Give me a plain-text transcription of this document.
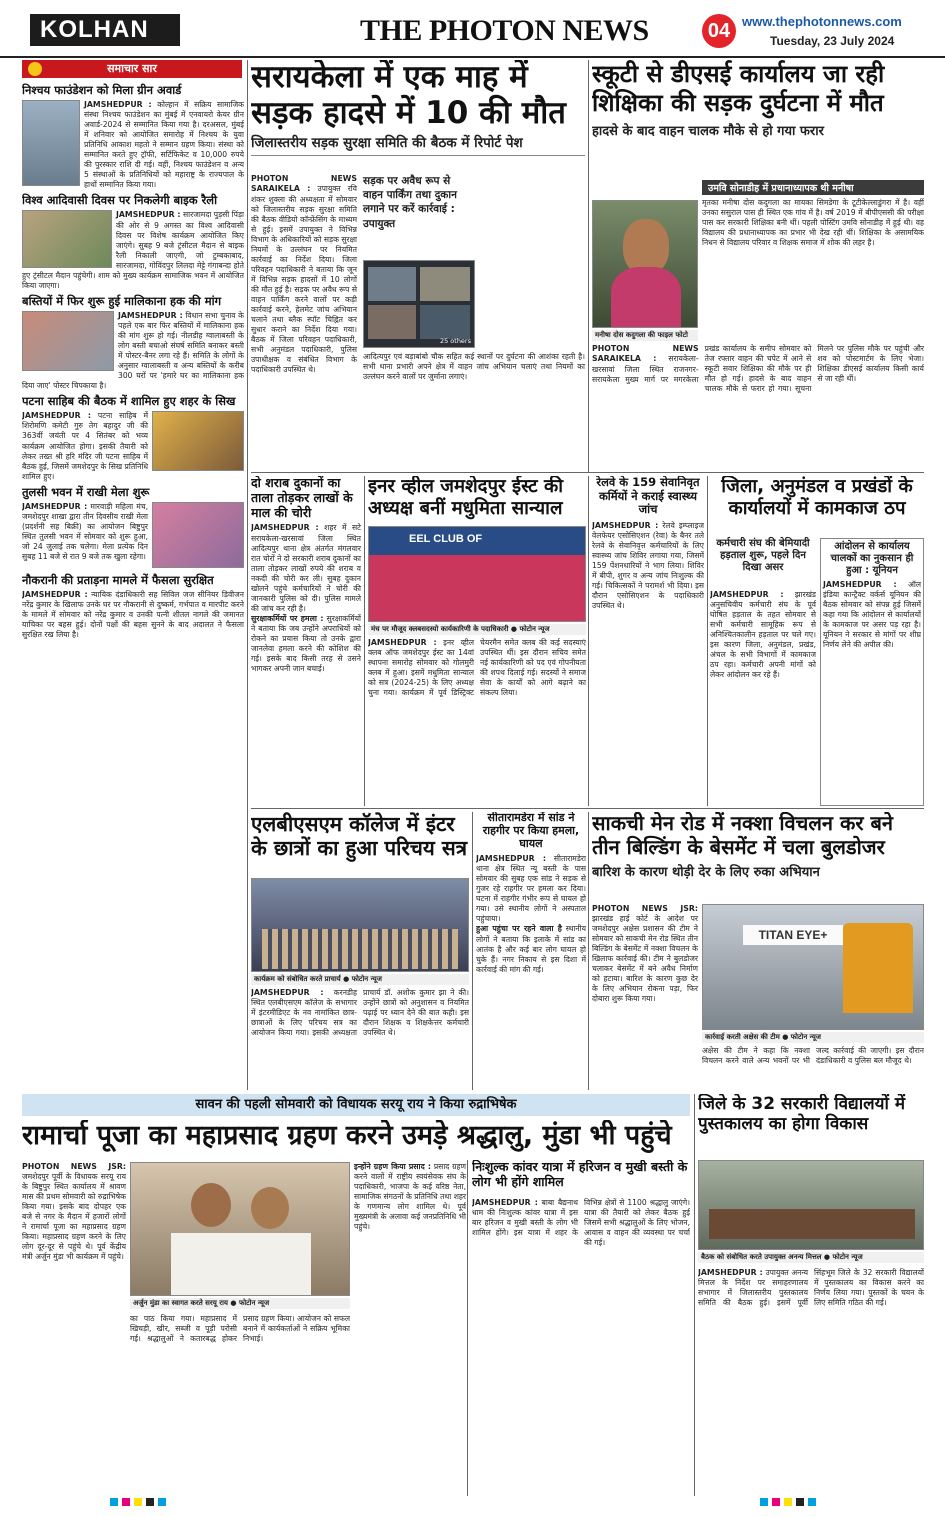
KOLHAN	THE PHOTON NEWS	04 www.thephotonnews.com
Tuesday, 23 July 2024
समाचार सार
निश्चय फाउंडेशन को मिला ग्रीन अवार्ड

JAMSHEDPUR : कोल्हान में सक्रिय सामाजिक संस्था निश्चय फाउंडेशन का मुंबई में एनवायरो केयर ग्रीन अवार्ड-2024 से सम्मानित किया गया है। दरअसल, मुंबई में शनिवार को आयोजित समारोह में निश्चय के युवा प्रतिनिधि आकाश महतो ने सम्मान ग्रहण किया। संस्था को सम्मानित करते हुए ट्रॉफी, सर्टिफिकेट व 10,000 रुपये की पुरस्कार राशि दी गई। वहीं, निश्चय फाउंडेशन व अन्य 5 संस्थाओं के प्रतिनिधियों को महाराष्ट्र के राज्यपाल के हाथों सम्मानित किया गया।

विश्व आदिवासी दिवस पर निकलेगी बाइक रैली

JAMSHEDPUR : सारजामदा पुड़सी पिंड़ा की ओर से 9 अगस्त का विश्व आदिवासी दिवस पर विशेष कार्यक्रम आयोजित किए जाएंगे। सुबह 9 बजे ट्रंसीटल मैदान से बाइक रैली निकाली जाएगी, जो टुम्बकाबाद, सारजामदा, गोविंदपुर लिलदा मेट्टे गंगाबन्दा होते हुए ट्रंसीटल मैदान पहुंचेगी। शाम को मुख्य कार्यक्रम सामाजिक भवन में आयोजित किया जाएगा।

बस्तियों में फिर शुरू हुई मालिकाना हक की मांग

JAMSHEDPUR : विधान सभा चुनाव के पहले एक बार फिर बस्तियों में मालिकाना हक की मांग शुरू हो गई। नीलडीह ग्वालाबस्ती के लोग बस्ती बचाओ संघर्ष समिति बनाकर बस्ती में पोस्टर-बैनर लगा रहे हैं। समिति के लोगों के अनुसार ग्वालाबस्ती व अन्य बस्तियों के करीब 300 घरों पर 'हमारे घर का मालिकाना हक दिया जाए' पोस्टर चिपकाया है।

पटना साहिब की बैठक में शामिल हुए शहर के सिख

JAMSHEDPUR : पटना साहिब में शिरोमणि कमेटी गुरु तेग बहादुर जी की 363वीं जयंती पर 4 सितंबर को भव्य कार्यक्रम आयोजित होगा। इसकी तैयारी को लेकर तख्त श्री हरि मंदिर जी पटना साहिब में बैठक हुई, जिसमें जमशेदपुर के सिख प्रतिनिधि शामिल हुए।

तुलसी भवन में राखी मेला शुरू

JAMSHEDPUR : मारवाड़ी महिला मंच, जमशेदपुर शाखा द्वारा तीन दिवसीय राखी मेला (प्रदर्शनी सह बिक्री) का आयोजन बिष्टुपुर स्थित तुलसी भवन में सोमवार को शुरू हुआ, जो 24 जुलाई तक चलेगा। मेला प्रत्येक दिन सुबह 11 बजे से रात 9 बजे तक खुला रहेगा।

नौकरानी की प्रताड़ना मामले में फैसला सुरक्षित

JAMSHEDPUR : न्यायिक दंडाधिकारी सह सिविल जज सीनियर डिवीजन नरेंद्र कुमार के खिलाफ उनके घर पर नौकरानी से दुष्कर्म, गर्भपात व मारपीट करने के मामले में सोमवार को नरेंद्र कुमार व उनकी पत्नी शीतल नागले की जमानत याचिका पर बहस हुई। दोनों पक्षों की बहस सुनने के बाद अदालत ने फैसला सुरक्षित रख लिया है।

सरायकेला में एक माह में सड़क हादसे में 10 की मौत
जिलास्तरीय सड़क सुरक्षा समिति की बैठक में रिपोर्ट पेश

PHOTON NEWS SARAIKELA : उपायुक्त रवि शंकर शुक्ला की अध्यक्षता में सोमवार को जिलास्तरीय सड़क सुरक्षा समिति की बैठक वीडियो कॉन्फ्रेंसिंग के माध्यम से हुई। इसमें उपायुक्त ने विभिन्न विभाग के अधिकारियों को सड़क सुरक्षा नियमों के उल्लंघन पर नियमित कार्रवाई का निर्देश दिया। जिला परिवहन पदाधिकारी ने बताया कि जून में विभिन्न सड़क हादसों में 10 लोगों की मौत हुई है। सड़क पर अवैध रूप से वाहन पार्किंग करने वालों पर कड़ी कार्रवाई करने, हेलमेट जांच अभियान चलाने तथा ब्लैक स्पॉट चिह्नित कर सुधार कराने का निर्देश दिया गया। बैठक में जिला परिवहन पदाधिकारी, सभी अनुमंडल पदाधिकारी, पुलिस उपाधीक्षक व संबंधित विभाग के पदाधिकारी उपस्थित थे।

सड़क पर अवैध रूप से वाहन पार्किंग तथा दुकान लगाने पर करें कार्रवाई : उपायुक्त
25 others

आदित्यपुर एवं बड़ाबांबो चौक सहित कई स्थानों पर दुर्घटना की आशंका रहती है। सभी थाना प्रभारी अपने क्षेत्र में वाहन जांच अभियान चलाएं तथा नियमों का उल्लंघन करने वालों पर जुर्माना लगाएं।

स्कूटी से डीएसई कार्यालय जा रही शिक्षिका की सड़क दुर्घटना में मौत
हादसे के बाद वाहन चालक मौके से हो गया फरार
उमवि सोनाडीह में प्रधानाध्यापक थी मनीषा
मनीषा दोस कदुगला की फाइल फोटो

मृतका मनीषा दोस कदुगला का मायका सिमडेगा के टूटीकेल्लाडुंगरा में है। वहीं उनका ससुराल पास ही स्थित एक गांव में है। वर्ष 2019 में बीपीएससी की परीक्षा पास कर सरकारी शिक्षिका बनी थीं। पहली पोस्टिंग उमवि सोनाडीह में हुई थी। वह विद्यालय की प्रधानाध्यापक का प्रभार भी देख रही थीं। शिक्षिका के असामयिक निधन से विद्यालय परिवार व शिक्षक समाज में शोक की लहर है।

PHOTON NEWS SARAIKELA : सरायकेला-खरसावां जिला स्थित राजनगर-सरायकेला मुख्य मार्ग पर मगरकेला प्रखंड कार्यालय के समीप सोमवार को तेज रफ्तार वाहन की चपेट में आने से स्कूटी सवार शिक्षिका की मौके पर ही मौत हो गई। हादसे के बाद वाहन चालक मौके से फरार हो गया। सूचना मिलने पर पुलिस मौके पर पहुंची और शव को पोस्टमार्टम के लिए भेजा। शिक्षिका डीएसई कार्यालय किसी कार्य से जा रही थीं।

दो शराब दुकानों का ताला तोड़कर लाखों के माल की चोरी

JAMSHEDPUR : शहर में सटे सरायकेला-खरसावां जिला स्थित आदित्यपुर थाना क्षेत्र अंतर्गत मंगलवार रात चोरों ने दो सरकारी शराब दुकानों का ताला तोड़कर लाखों रुपये की शराब व नकदी की चोरी कर ली। सुबह दुकान खोलने पहुंचे कर्मचारियों ने चोरी की जानकारी पुलिस को दी। पुलिस मामले की जांच कर रही है।

सुरक्षाकर्मियों पर हमला : सुरक्षाकर्मियों ने बताया कि जब उन्होंने अपराधियों को रोकने का प्रयास किया तो उनके द्वारा जानलेवा हमला करने की कोशिश की गई। इसके बाद किसी तरह से उसने भागकर अपनी जान बचाई।

इनर व्हील जमशेदपुर ईस्ट की अध्यक्ष बनीं मधुमिता सान्याल
EEL CLUB OF
मंच पर मौजूद क्लबसदस्यो कार्यकारिणी के पदाधिकारी ● फोटोन न्यूज

JAMSHEDPUR : इनर व्हील क्लब ऑफ जमशेदपुर ईस्ट का 14वां स्थापना समारोह सोमवार को गोलमुरी क्लब में हुआ। इसमें मधुमिता सान्याल को सत्र (2024-25) के लिए अध्यक्ष चुना गया। कार्यक्रम में पूर्व डिस्ट्रिक्ट चेयरमैन समेत क्लब की कई सदस्याएं उपस्थित थीं। इस दौरान सचिव समेत नई कार्यकारिणी को पद एवं गोपनीयता की शपथ दिलाई गई। सदस्यों ने समाज सेवा के कार्यों को आगे बढ़ाने का संकल्प लिया।

रेलवे के 159 सेवानिवृत कर्मियों ने कराई स्वास्थ्य जांच

JAMSHEDPUR : रेलवे इम्प्लाइज वेलफेयर एसोसिएशन (रेवा) के बैनर तले रेलवे के सेवानिवृत्त कर्मचारियों के लिए स्वास्थ्य जांच शिविर लगाया गया, जिसमें 159 पेंशनधारियों ने भाग लिया। शिविर में बीपी, शुगर व अन्य जांच निःशुल्क की गई। चिकित्सकों ने परामर्श भी दिया। इस दौरान एसोसिएशन के पदाधिकारी उपस्थित थे।

जिला, अनुमंडल व प्रखंडों के कार्यालयों में कामकाज ठप
कर्मचारी संघ की बेमियादी हड़ताल शुरू, पहले दिन दिखा असर
आंदोलन से कार्यालय चालकों का नुकसान ही हुआ : यूनियन

JAMSHEDPUR : ऑल इंडिया कान्ट्रैक्ट वर्कर्स यूनियन की बैठक सोमवार को संपन्न हुई जिसमें कहा गया कि आंदोलन से कार्यालयों के कामकाज पर असर पड़ रहा है। यूनियन ने सरकार से मांगों पर शीघ्र निर्णय लेने की अपील की।

JAMSHEDPUR : झारखंड अनुसचिवीय कर्मचारी संघ के पूर्व घोषित हड़ताल के तहत सोमवार से सभी कर्मचारी सामूहिक रूप से अनिश्चितकालीन हड़ताल पर चले गए। इस कारण जिला, अनुमंडल, प्रखंड, अंचल के सभी विभागों में कामकाज ठप रहा। कर्मचारी अपनी मांगों को लेकर आंदोलन कर रहे हैं।

एलबीएसएम कॉलेज में इंटर के छात्रों का हुआ परिचय सत्र
कार्यक्रम को संबोधित करते प्राचार्य ● फोटोन न्यूज

JAMSHEDPUR : करनडीह स्थित एलबीएसएम कॉलेज के सभागार में इंटरमीडिएट के नव नामांकित छात्र-छात्राओं के लिए परिचय सत्र का आयोजन किया गया। इसकी अध्यक्षता प्राचार्य डॉ. अशोक कुमार झा ने की। उन्होंने छात्रों को अनुशासन व नियमित पढ़ाई पर ध्यान देने की बात कही। इस दौरान शिक्षक व शिक्षकेत्तर कर्मचारी उपस्थित थे।

सीतारामडेरा में सांड ने राहगीर पर किया हमला, घायल

JAMSHEDPUR : सीतारामडेरा थाना क्षेत्र स्थित न्यू बस्ती के पास सोमवार की सुबह एक सांड ने सड़क से गुजर रहे राहगीर पर हमला कर दिया। घटना में राहगीर गंभीर रूप से घायल हो गया। उसे स्थानीय लोगों ने अस्पताल पहुंचाया।

हुआ पहुंचा पर रहने वाला है स्थानीय लोगों ने बताया कि इलाके में सांड का आतंक है और कई बार लोग घायल हो चुके हैं। नगर निकाय से इस दिशा में कार्रवाई की मांग की गई।

साकची मेन रोड में नक्शा विचलन कर बने तीन बिल्डिंग के बेसमेंट में चला बुलडोजर
बारिश के कारण थोड़ी देर के लिए रुका अभियान

PHOTON NEWS JSR: झारखंड हाई कोर्ट के आदेश पर जमशेदपुर अक्षेस प्रशासन की टीम ने सोमवार को साकची मेन रोड स्थित तीन बिल्डिंग के बेसमेंट में नक्शा विचलन के खिलाफ कार्रवाई की। टीम ने बुलडोजर चलाकर बेसमेंट में बने अवैध निर्माण को हटाया। बारिश के कारण कुछ देर के लिए अभियान रोकना पड़ा, फिर दोबारा शुरू किया गया।

TITAN EYE+
कार्रवाई करती अक्षेस की टीम ● फोटोन न्यूज

अक्षेस की टीम ने कहा कि नक्शा विचलन करने वाले अन्य भवनों पर भी जल्द कार्रवाई की जाएगी। इस दौरान दंडाधिकारी व पुलिस बल मौजूद थे।

सावन की पहली सोमवारी को विधायक सरयू राय ने किया रुद्राभिषेक
रामार्चा पूजा का महाप्रसाद ग्रहण करने उमड़े श्रद्धालु, मुंडा भी पहुंचे

PHOTON NEWS JSR: जमशेदपुर पूर्वी के विधायक सरयू राय के बिष्टुपुर स्थित कार्यालय में श्रावण मास की प्रथम सोमवारी को रुद्राभिषेक किया गया। इसके बाद दोपहर एक बजे से नगर के मैदान में हजारों लोगों ने रामार्चा पूजा का महाप्रसाद ग्रहण किया। महाप्रसाद ग्रहण करने के लिए लोग दूर-दूर से पहुंचे थे। पूर्व केंद्रीय मंत्री अर्जुन मुंडा भी कार्यक्रम में पहुंचे।

अर्जुन मुंडा का स्वागत करते सरयू राय ● फोटोन न्यूज

का पाठ किया गया। महाप्रसाद में खिचड़ी, खीर, सब्जी व पूड़ी परोसी गई। श्रद्धालुओं ने कतारबद्ध होकर प्रसाद ग्रहण किया। आयोजन को सफल बनाने में कार्यकर्ताओं ने सक्रिय भूमिका निभाई।

इन्होंने ग्रहण किया प्रसाद : प्रसाद ग्रहण करने वालों में राष्ट्रीय स्वयंसेवक संघ के पदाधिकारी, भाजपा के कई वरिष्ठ नेता, सामाजिक संगठनों के प्रतिनिधि तथा शहर के गणमान्य लोग शामिल थे। पूर्व मुख्यमंत्री के अलावा कई जनप्रतिनिधि भी पहुंचे।

निःशुल्क कांवर यात्रा में हरिजन व मुखी बस्ती के लोग भी होंगे शामिल

JAMSHEDPUR : बाबा बैद्यनाथ धाम की निःशुल्क कांवर यात्रा में इस बार हरिजन व मुखी बस्ती के लोग भी शामिल होंगे। इस यात्रा में शहर के विभिन्न क्षेत्रों से 1100 श्रद्धालु जाएंगे। यात्रा की तैयारी को लेकर बैठक हुई जिसमें सभी श्रद्धालुओं के लिए भोजन, आवास व वाहन की व्यवस्था पर चर्चा की गई।

जिले के 32 सरकारी विद्यालयों में पुस्तकालय का होगा विकास
बैठक को संबोधित करते उपायुक्त अनन्य मित्तल ● फोटोन न्यूज

JAMSHEDPUR : उपायुक्त अनन्य मित्तल के निर्देश पर समाहरणालय सभागार में जिलास्तरीय पुस्तकालय समिति की बैठक हुई। इसमें पूर्वी सिंहभूम जिले के 32 सरकारी विद्यालयों में पुस्तकालय का विकास करने का निर्णय लिया गया। पुस्तकों के चयन के लिए समिति गठित की गई।
